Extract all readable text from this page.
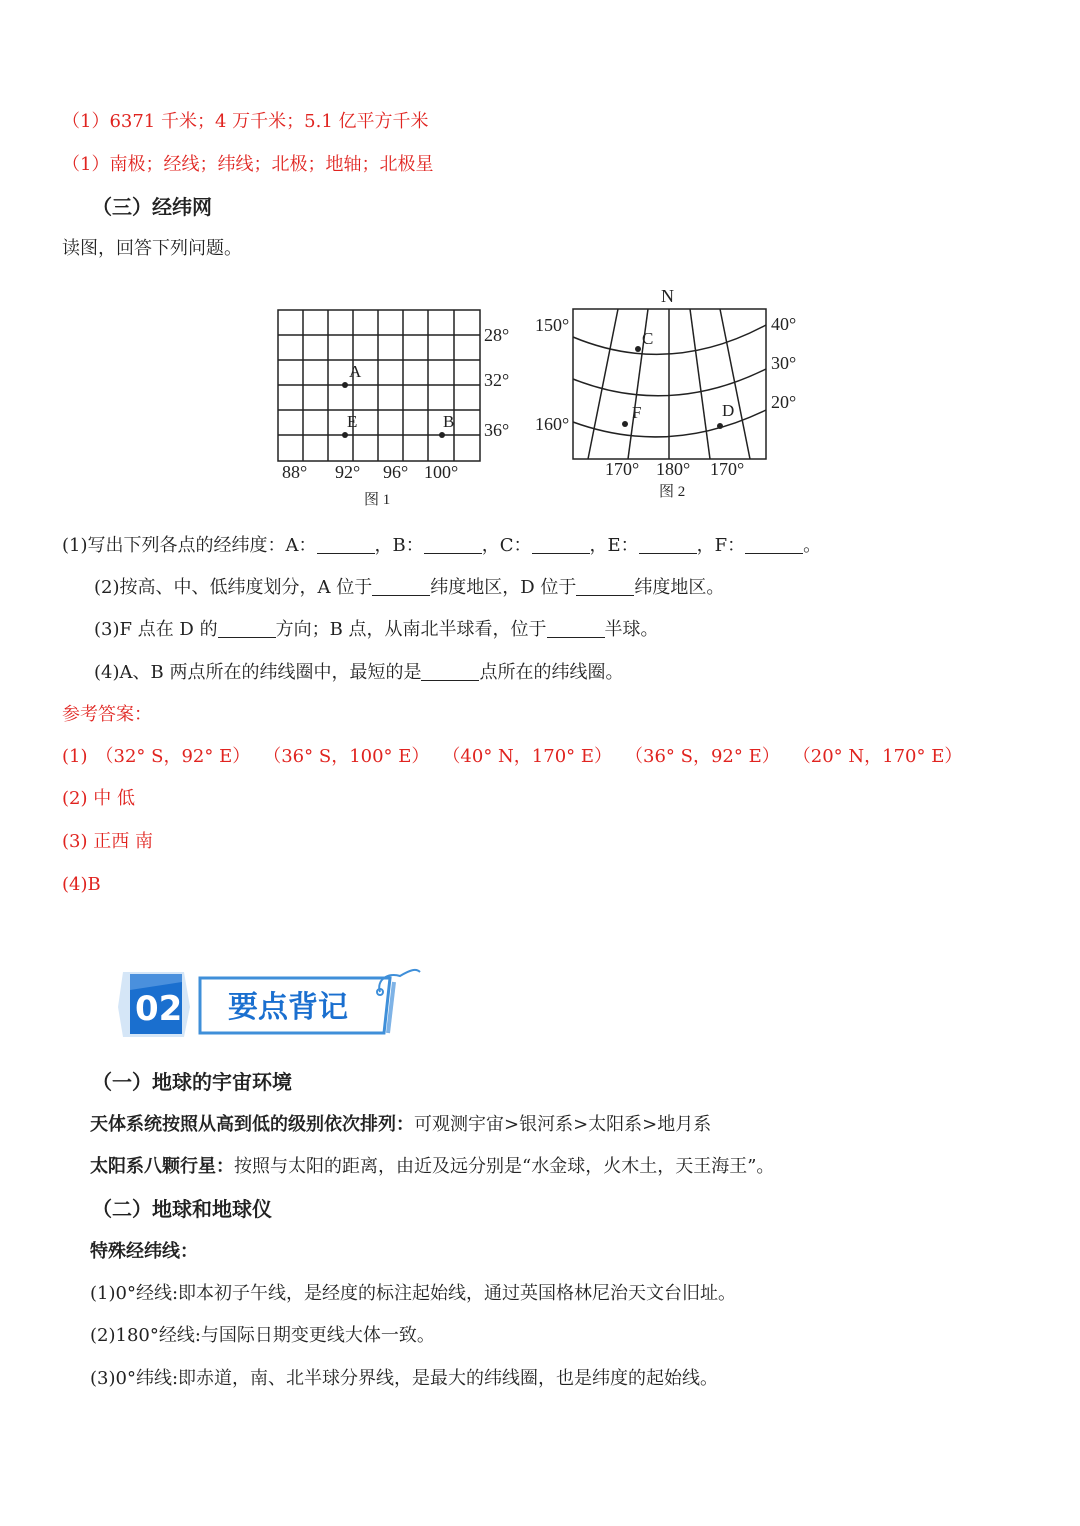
（1）6371 千米；4 万千米；5.1 亿平方千米
（1）南极；经线；纬线；北极；地轴；北极星
（三）经纬网
读图，回答下列问题。
A
E	B
28°
32°
36°
88° 92° 96° 100°
图 1
C
F	D
N
40°
30°
20°
150°
160°
170° 180° 170°
图 2
(1)写出下列各点的经纬度：A：	，B：	，C：	，E：	，F：	。
(2)按高、中、低纬度划分，A 位于	纬度地区，D 位于	纬度地区。
(3)F 点在 D 的	方向；B 点，从南北半球看，位于	半球。
(4)A、B 两点所在的纬线圈中，最短的是	点所在的纬线圈。
参考答案：
(1) （32° S，92° E） （36° S，100° E） （40° N，170° E） （36° S，92° E） （20° N，170° E）
(2) 中 低
(3) 正西 南
(4)B
02 要点背记
（一）地球的宇宙环境
天体系统按照从高到低的级别依次排列：可观测宇宙>银河系>太阳系>地月系
太阳系八颗行星：按照与太阳的距离，由近及远分别是“水金球，火木土，天王海王”。
（二）地球和地球仪
特殊经纬线：
(1)0°经线:即本初子午线，是经度的标注起始线，通过英国格林尼治天文台旧址。
(2)180°经线:与国际日期变更线大体一致。
(3)0°纬线:即赤道，南、北半球分界线，是最大的纬线圈，也是纬度的起始线。
